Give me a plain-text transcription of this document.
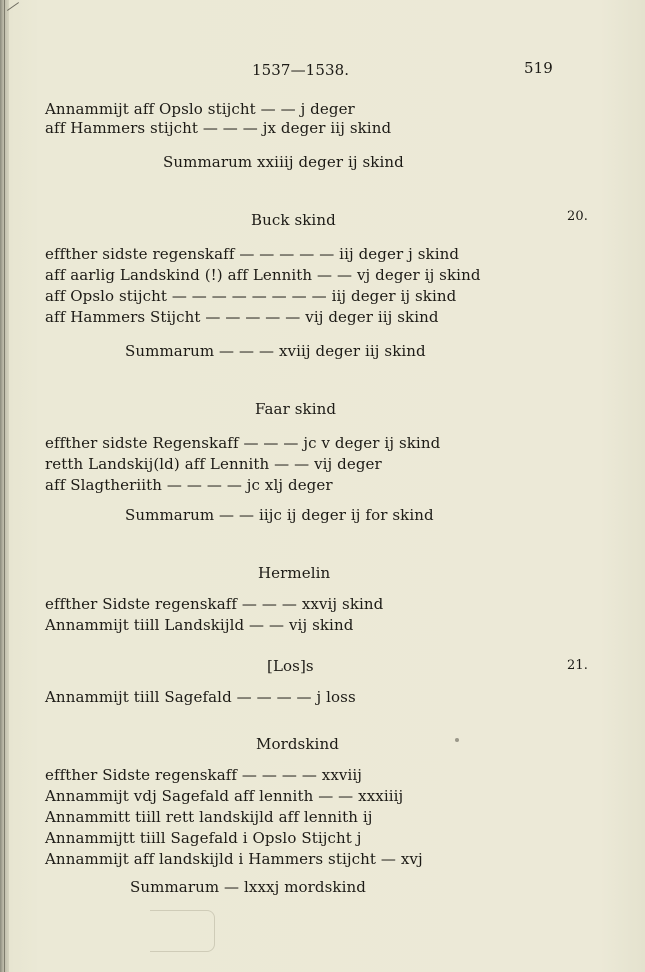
1537—1538.	519
Annammijt aff Opslo stijcht — — j deger
aff Hammers stijcht — — — jx deger iij skind
Summarum xxiiij deger ij skind
Buck skind	20.
effther sidste regenskaff — — — — — iij deger j skind
aff aarlig Landskind (!) aff Lennith — — vj deger ij skind
aff Opslo stijcht — — — — — — — — iij deger ij skind
aff Hammers Stijcht — — — — — vij deger iij skind
Summarum — — — xviij deger iij skind
Faar skind
effther sidste Regenskaff — — — jc v deger ij skind
retth Landskij(ld) aff Lennith — — vij deger
aff Slagtheriith — — — — jc xlj deger
Summarum — — iijc ij deger ij for skind
Hermelin
effther Sidste regenskaff — — — xxvij skind
Annammijt tiill Landskijld — — vij skind
[Los]s	21.
Annammijt tiill Sagefald — — — — j loss
Mordskind
effther Sidste regenskaff — — — — xxviij
Annammijt vdj Sagefald aff lennith — — xxxiiij
Annammitt tiill rett landskijld aff lennith ij
Annammijtt tiill Sagefald i Opslo Stijcht j
Annammijt aff landskijld i Hammers stijcht — xvj
Summarum — lxxxj mordskind
